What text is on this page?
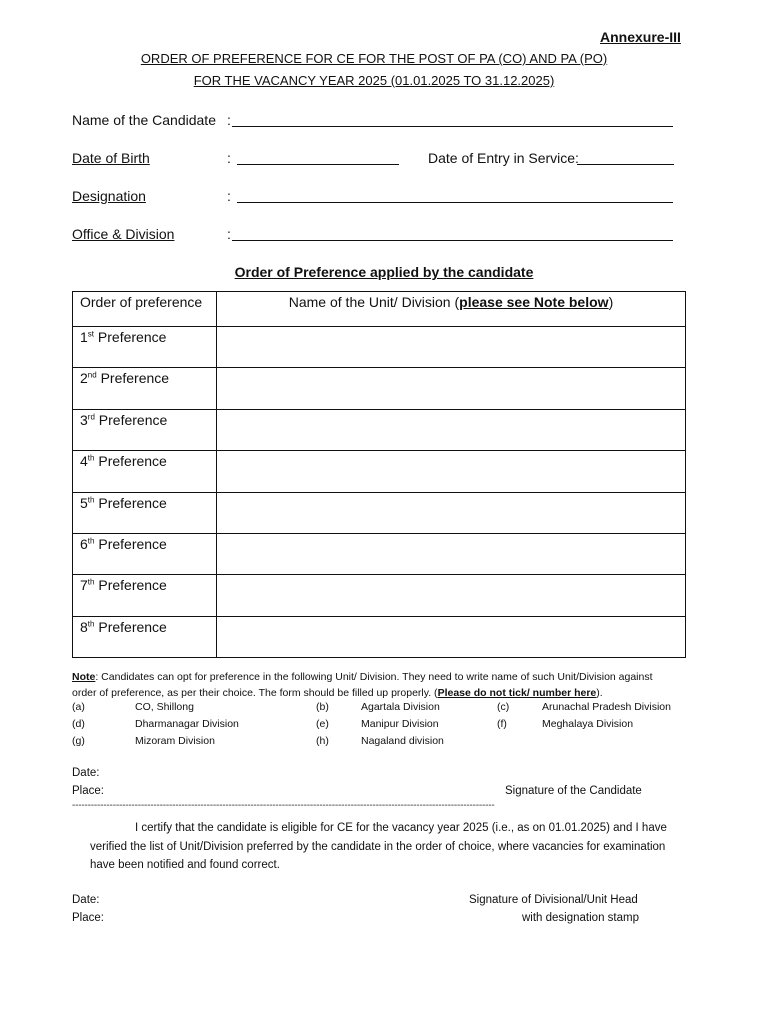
Annexure-III
ORDER OF PREFERENCE FOR CE FOR THE POST OF PA (CO) AND PA (PO)
FOR THE VACANCY YEAR 2025 (01.01.2025 TO 31.12.2025)
Name of the Candidate :
Date of Birth	:	Date of Entry in Service:
Designation	:
Office & Division	:
Order of Preference applied by the candidate
Order of preference	Name of the Unit/ Division (please see Note below)
1st Preference	
2nd Preference	
3rd Preference	
4th Preference	
5th Preference	
6th Preference	
7th Preference	
8th Preference	
Note: Candidates can opt for preference in the following Unit/ Division. They need to write name of such Unit/Division against order of preference, as per their choice. The form should be filled up properly. (Please do not tick/ number here).
(a)	CO, Shillong	(b)	Agartala Division	(c)	Arunachal Pradesh Division
(d)	Dharmanagar Division	(e)	Manipur Division	(f)	Meghalaya Division
(g)	Mizoram Division	(h)	Nagaland division
Date:
Place:	Signature of the Candidate
---------------------------------------------------------------------------------------------------------------------------------------
I certify that the candidate is eligible for CE for the vacancy year 2025 (i.e., as on 01.01.2025) and I have verified the list of Unit/Division preferred by the candidate in the order of choice, where vacancies for examination have been notified and found correct.
Date:
Place:
Signature of Divisional/Unit Head
with designation stamp
